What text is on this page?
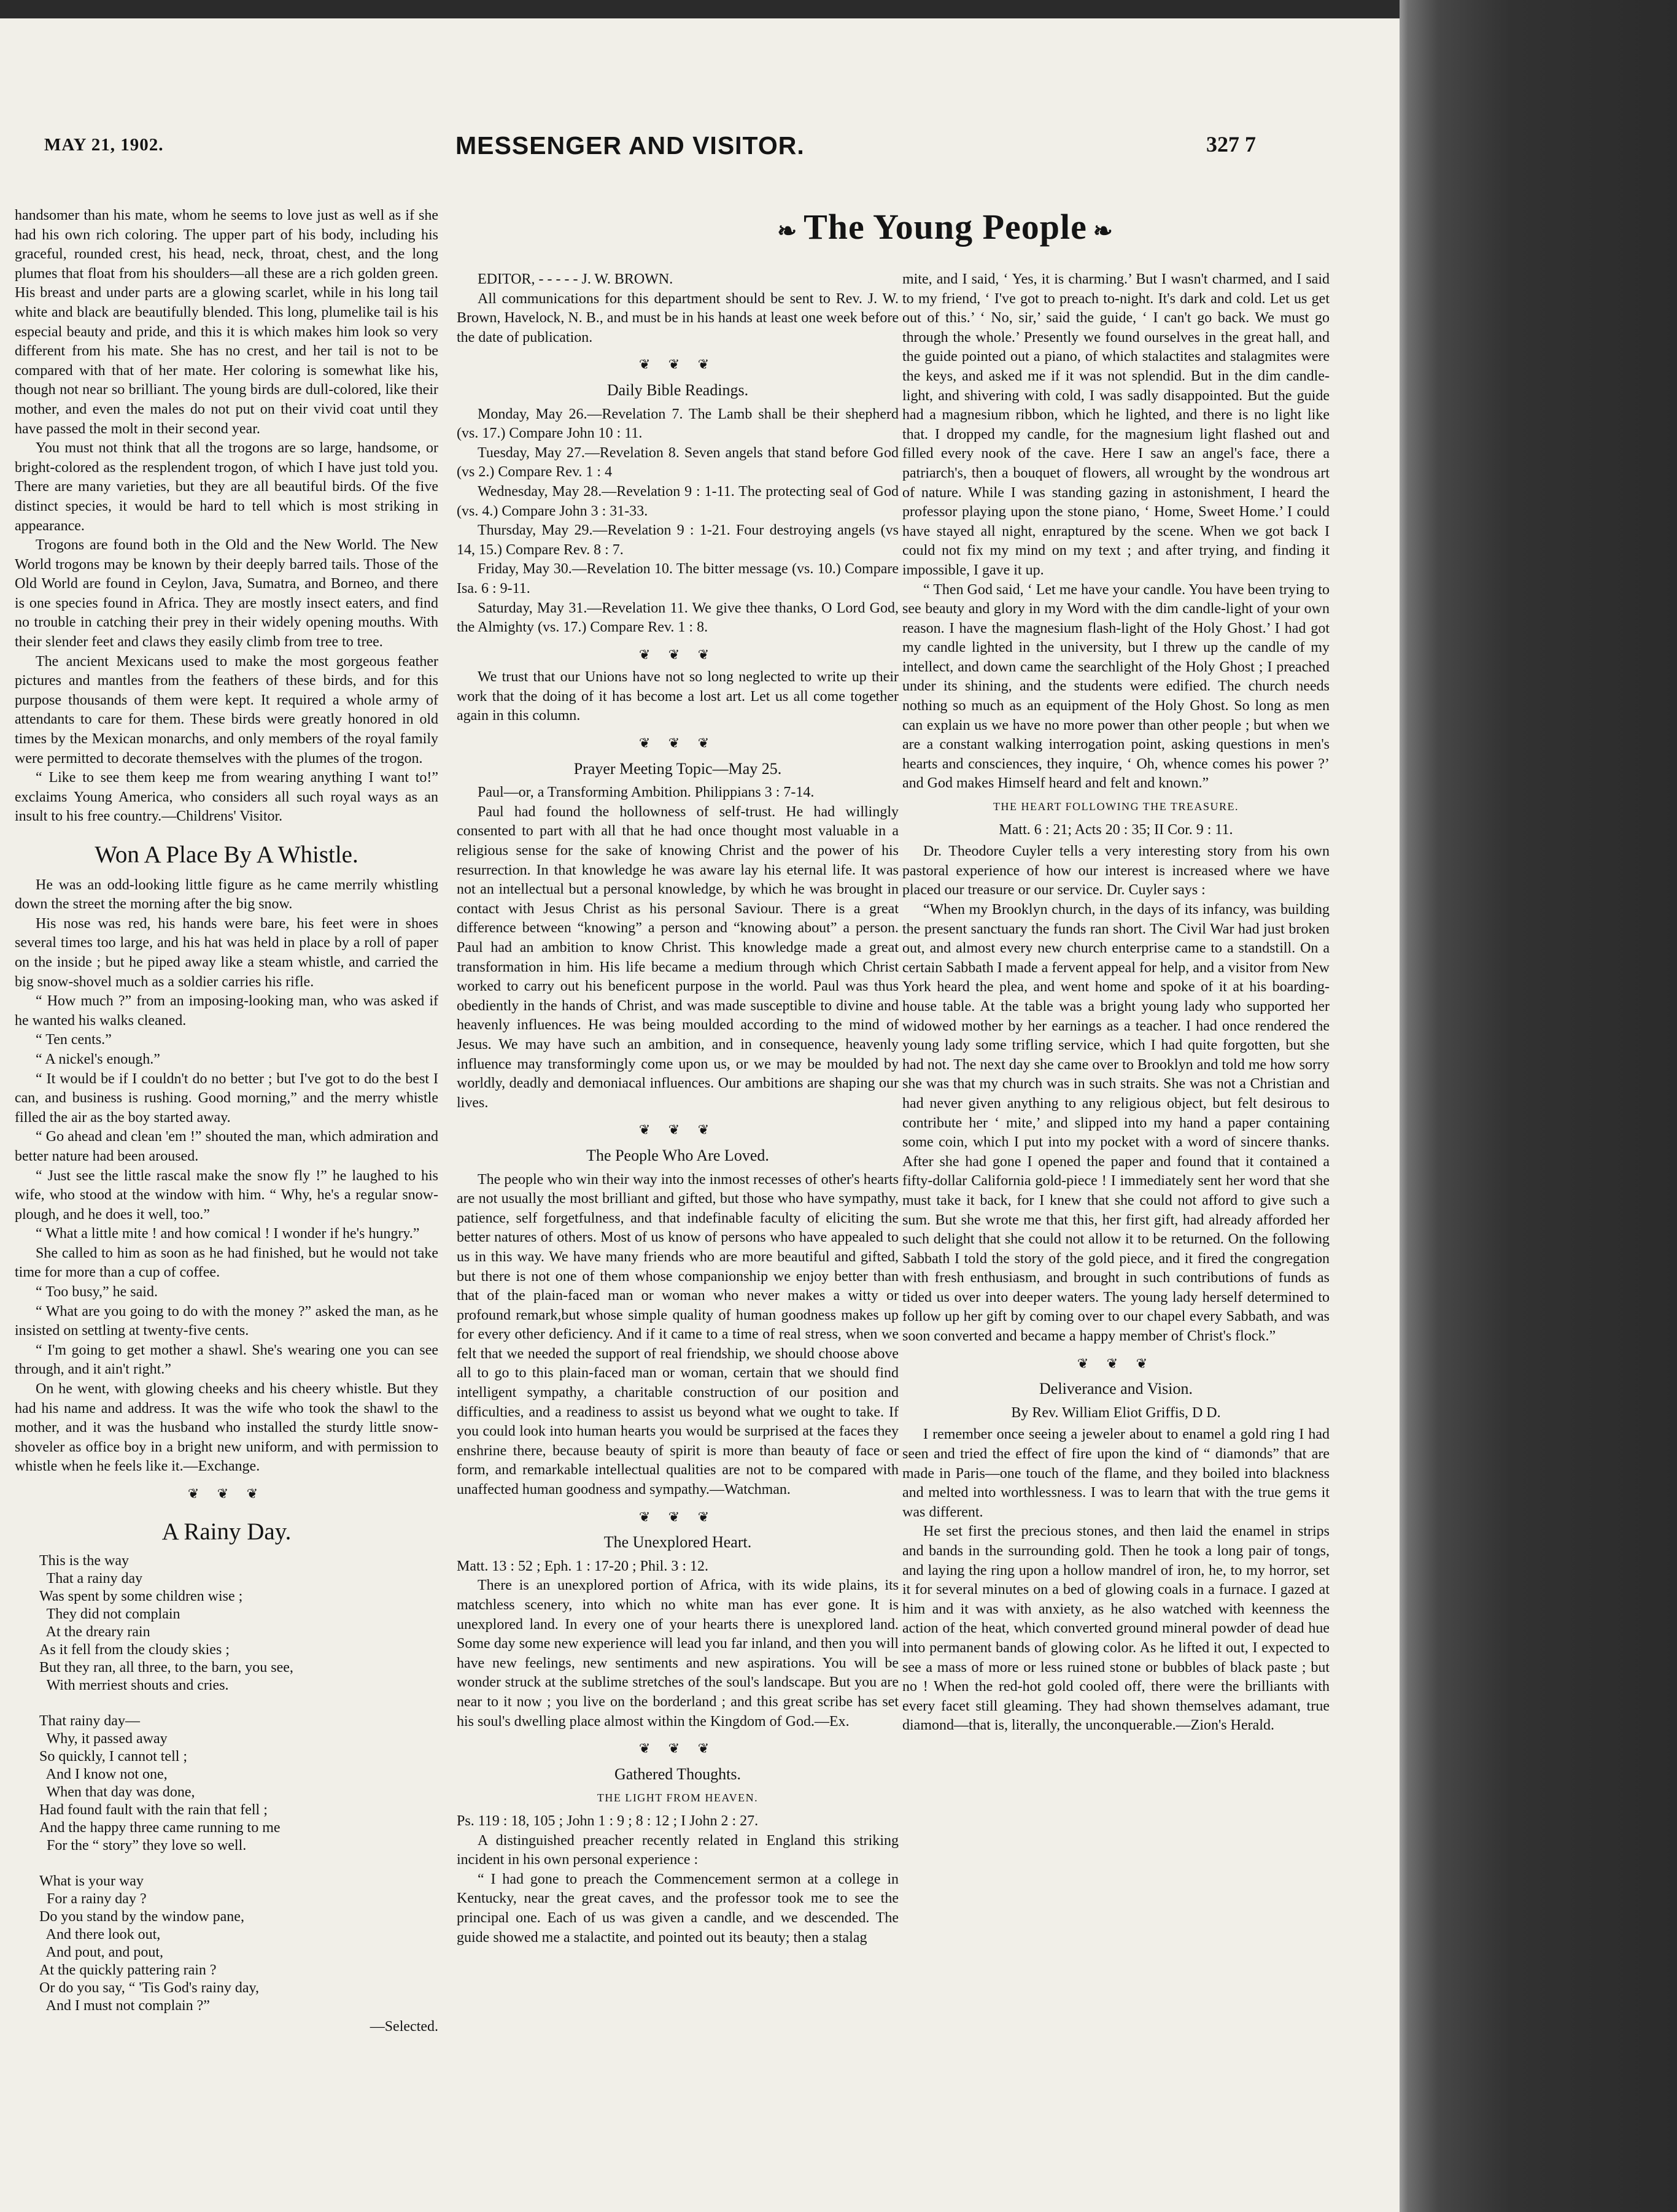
MAY 21, 1902.	MESSENGER AND VISITOR.	327 7
❧ The Young People ❧

handsomer than his mate, whom he seems to love just as well as if she had his own rich coloring. The upper part of his body, including his graceful, rounded crest, his head, neck, throat, chest, and the long plumes that float from his shoulders—all these are a rich golden green. His breast and under parts are a glowing scarlet, while in his long tail white and black are beautifully blended. This long, plumelike tail is his especial beauty and pride, and this it is which makes him look so very different from his mate. She has no crest, and her tail is not to be compared with that of her mate. Her coloring is somewhat like his, though not near so brilliant. The young birds are dull-colored, like their mother, and even the males do not put on their vivid coat until they have passed the molt in their second year.

You must not think that all the trogons are so large, handsome, or bright-colored as the resplendent trogon, of which I have just told you. There are many varieties, but they are all beautiful birds. Of the five distinct species, it would be hard to tell which is most striking in appearance.

Trogons are found both in the Old and the New World. The New World trogons may be known by their deeply barred tails. Those of the Old World are found in Ceylon, Java, Sumatra, and Borneo, and there is one species found in Africa. They are mostly insect eaters, and find no trouble in catching their prey in their widely opening mouths. With their slender feet and claws they easily climb from tree to tree.

The ancient Mexicans used to make the most gorgeous feather pictures and mantles from the feathers of these birds, and for this purpose thousands of them were kept. It required a whole army of attendants to care for them. These birds were greatly honored in old times by the Mexican monarchs, and only members of the royal family were permitted to decorate themselves with the plumes of the trogon.

“ Like to see them keep me from wearing anything I want to!” exclaims Young America, who considers all such royal ways as an insult to his free country.—Childrens' Visitor.

Won A Place By A Whistle.

He was an odd-looking little figure as he came merrily whistling down the street the morning after the big snow.

His nose was red, his hands were bare, his feet were in shoes several times too large, and his hat was held in place by a roll of paper on the inside ; but he piped away like a steam whistle, and carried the big snow-shovel much as a soldier carries his rifle.

“ How much ?” from an imposing-looking man, who was asked if he wanted his walks cleaned.

“ Ten cents.”

“ A nickel's enough.”

“ It would be if I couldn't do no better ; but I've got to do the best I can, and business is rushing. Good morning,” and the merry whistle filled the air as the boy started away.

“ Go ahead and clean 'em !” shouted the man, which admiration and better nature had been aroused.

“ Just see the little rascal make the snow fly !” he laughed to his wife, who stood at the window with him. “ Why, he's a regular snow-plough, and he does it well, too.”

“ What a little mite ! and how comical ! I wonder if he's hungry.”

She called to him as soon as he had finished, but he would not take time for more than a cup of coffee.

“ Too busy,” he said.

“ What are you going to do with the money ?” asked the man, as he insisted on settling at twenty-five cents.

“ I'm going to get mother a shawl. She's wearing one you can see through, and it ain't right.”

On he went, with glowing cheeks and his cheery whistle. But they had his name and address. It was the wife who took the shawl to the mother, and it was the husband who installed the sturdy little snow-shoveler as office boy in a bright new uniform, and with permission to whistle when he feels like it.—Exchange.

❦ ❦ ❦
A Rainy Day.
This is the way
That a rainy day
Was spent by some children wise ;
They did not complain
At the dreary rain
As it fell from the cloudy skies ;
But they ran, all three, to the barn, you see,
With merriest shouts and cries.

That rainy day—
Why, it passed away
So quickly, I cannot tell ;
And I know not one,
When that day was done,
Had found fault with the rain that fell ;
And the happy three came running to me
For the “ story” they love so well.

What is your way
For a rainy day ?
Do you stand by the window pane,
And there look out,
And pout, and pout,
At the quickly pattering rain ?
Or do you say, “ 'Tis God's rainy day,
And I must not complain ?”
—Selected.

EDITOR, - - - - - J. W. BROWN.

All communications for this department should be sent to Rev. J. W. Brown, Havelock, N. B., and must be in his hands at least one week before the date of publication.

❦ ❦ ❦
Daily Bible Readings.

Monday, May 26.—Revelation 7. The Lamb shall be their shepherd (vs. 17.) Compare John 10 : 11.

Tuesday, May 27.—Revelation 8. Seven angels that stand before God (vs 2.) Compare Rev. 1 : 4

Wednesday, May 28.—Revelation 9 : 1-11. The protecting seal of God (vs. 4.) Compare John 3 : 31-33.

Thursday, May 29.—Revelation 9 : 1-21. Four destroying angels (vs 14, 15.) Compare Rev. 8 : 7.

Friday, May 30.—Revelation 10. The bitter message (vs. 10.) Compare Isa. 6 : 9-11.

Saturday, May 31.—Revelation 11. We give thee thanks, O Lord God, the Almighty (vs. 17.) Compare Rev. 1 : 8.

❦ ❦ ❦

We trust that our Unions have not so long neglected to write up their work that the doing of it has become a lost art. Let us all come together again in this column.

❦ ❦ ❦
Prayer Meeting Topic—May 25.

Paul—or, a Transforming Ambition. Philippians 3 : 7-14.

Paul had found the hollowness of self-trust. He had willingly consented to part with all that he had once thought most valuable in a religious sense for the sake of knowing Christ and the power of his resurrection. In that knowledge he was aware lay his eternal life. It was not an intellectual but a personal knowledge, by which he was brought in contact with Jesus Christ as his personal Saviour. There is a great difference between “knowing” a person and “knowing about” a person. Paul had an ambition to know Christ. This knowledge made a great transformation in him. His life became a medium through which Christ worked to carry out his beneficent purpose in the world. Paul was thus obediently in the hands of Christ, and was made susceptible to divine and heavenly influences. He was being moulded according to the mind of Jesus. We may have such an ambition, and in consequence, heavenly influence may transformingly come upon us, or we may be moulded by worldly, deadly and demoniacal influences. Our ambitions are shaping our lives.

❦ ❦ ❦
The People Who Are Loved.

The people who win their way into the inmost recesses of other's hearts are not usually the most brilliant and gifted, but those who have sympathy, patience, self forgetfulness, and that indefinable faculty of eliciting the better natures of others. Most of us know of persons who have appealed to us in this way. We have many friends who are more beautiful and gifted, but there is not one of them whose companionship we enjoy better than that of the plain-faced man or woman who never makes a witty or profound remark,but whose simple quality of human goodness makes up for every other deficiency. And if it came to a time of real stress, when we felt that we needed the support of real friendship, we should choose above all to go to this plain-faced man or woman, certain that we should find intelligent sympathy, a charitable construction of our position and difficulties, and a readiness to assist us beyond what we ought to take. If you could look into human hearts you would be surprised at the faces they enshrine there, because beauty of spirit is more than beauty of face or form, and remarkable intellectual qualities are not to be compared with unaffected human goodness and sympathy.—Watchman.

❦ ❦ ❦
The Unexplored Heart.

Matt. 13 : 52 ; Eph. 1 : 17-20 ; Phil. 3 : 12.

There is an unexplored portion of Africa, with its wide plains, its matchless scenery, into which no white man has ever gone. It is unexplored land. In every one of your hearts there is unexplored land. Some day some new experience will lead you far inland, and then you will have new feelings, new sentiments and new aspirations. You will be wonder struck at the sublime stretches of the soul's landscape. But you are near to it now ; you live on the borderland ; and this great scribe has set his soul's dwelling place almost within the Kingdom of God.—Ex.

❦ ❦ ❦
Gathered Thoughts.
THE LIGHT FROM HEAVEN.

Ps. 119 : 18, 105 ; John 1 : 9 ; 8 : 12 ; I John 2 : 27.

A distinguished preacher recently related in England this striking incident in his own personal experience :

“ I had gone to preach the Commencement sermon at a college in Kentucky, near the great caves, and the professor took me to see the principal one. Each of us was given a candle, and we descended. The guide showed me a stalactite, and pointed out its beauty; then a stalag

mite, and I said, ‘ Yes, it is charming.’ But I wasn't charmed, and I said to my friend, ‘ I've got to preach to-night. It's dark and cold. Let us get out of this.’ ‘ No, sir,’ said the guide, ‘ I can't go back. We must go through the whole.’ Presently we found ourselves in the great hall, and the guide pointed out a piano, of which stalactites and stalagmites were the keys, and asked me if it was not splendid. But in the dim candle-light, and shivering with cold, I was sadly disappointed. But the guide had a magnesium ribbon, which he lighted, and there is no light like that. I dropped my candle, for the magnesium light flashed out and filled every nook of the cave. Here I saw an angel's face, there a patriarch's, then a bouquet of flowers, all wrought by the wondrous art of nature. While I was standing gazing in astonishment, I heard the professor playing upon the stone piano, ‘ Home, Sweet Home.’ I could have stayed all night, enraptured by the scene. When we got back I could not fix my mind on my text ; and after trying, and finding it impossible, I gave it up.

“ Then God said, ‘ Let me have your candle. You have been trying to see beauty and glory in my Word with the dim candle-light of your own reason. I have the magnesium flash-light of the Holy Ghost.’ I had got my candle lighted in the university, but I threw up the candle of my intellect, and down came the searchlight of the Holy Ghost ; I preached under its shining, and the students were edified. The church needs nothing so much as an equipment of the Holy Ghost. So long as men can explain us we have no more power than other people ; but when we are a constant walking interrogation point, asking questions in men's hearts and consciences, they inquire, ‘ Oh, whence comes his power ?’ and God makes Himself heard and felt and known.”

THE HEART FOLLOWING THE TREASURE.
Matt. 6 : 21; Acts 20 : 35; II Cor. 9 : 11.

Dr. Theodore Cuyler tells a very interesting story from his own pastoral experience of how our interest is increased where we have placed our treasure or our service. Dr. Cuyler says :

“When my Brooklyn church, in the days of its infancy, was building the present sanctuary the funds ran short. The Civil War had just broken out, and almost every new church enterprise came to a standstill. On a certain Sabbath I made a fervent appeal for help, and a visitor from New York heard the plea, and went home and spoke of it at his boarding-house table. At the table was a bright young lady who supported her widowed mother by her earnings as a teacher. I had once rendered the young lady some trifling service, which I had quite forgotten, but she had not. The next day she came over to Brooklyn and told me how sorry she was that my church was in such straits. She was not a Christian and had never given anything to any religious object, but felt desirous to contribute her ‘ mite,’ and slipped into my hand a paper containing some coin, which I put into my pocket with a word of sincere thanks. After she had gone I opened the paper and found that it contained a fifty-dollar California gold-piece ! I immediately sent her word that she must take it back, for I knew that she could not afford to give such a sum. But she wrote me that this, her first gift, had already afforded her such delight that she could not allow it to be returned. On the following Sabbath I told the story of the gold piece, and it fired the congregation with fresh enthusiasm, and brought in such contributions of funds as tided us over into deeper waters. The young lady herself determined to follow up her gift by coming over to our chapel every Sabbath, and was soon converted and became a happy member of Christ's flock.”

❦ ❦ ❦
Deliverance and Vision.
By Rev. William Eliot Griffis, D D.

I remember once seeing a jeweler about to enamel a gold ring I had seen and tried the effect of fire upon the kind of “ diamonds” that are made in Paris—one touch of the flame, and they boiled into blackness and melted into worthlessness. I was to learn that with the true gems it was different.

He set first the precious stones, and then laid the enamel in strips and bands in the surrounding gold. Then he took a long pair of tongs, and laying the ring upon a hollow mandrel of iron, he, to my horror, set it for several minutes on a bed of glowing coals in a furnace. I gazed at him and it was with anxiety, as he also watched with keenness the action of the heat, which converted ground mineral powder of dead hue into permanent bands of glowing color. As he lifted it out, I expected to see a mass of more or less ruined stone or bubbles of black paste ; but no ! When the red-hot gold cooled off, there were the brilliants with every facet still gleaming. They had shown themselves adamant, true diamond—that is, literally, the unconquerable.—Zion's Herald.
